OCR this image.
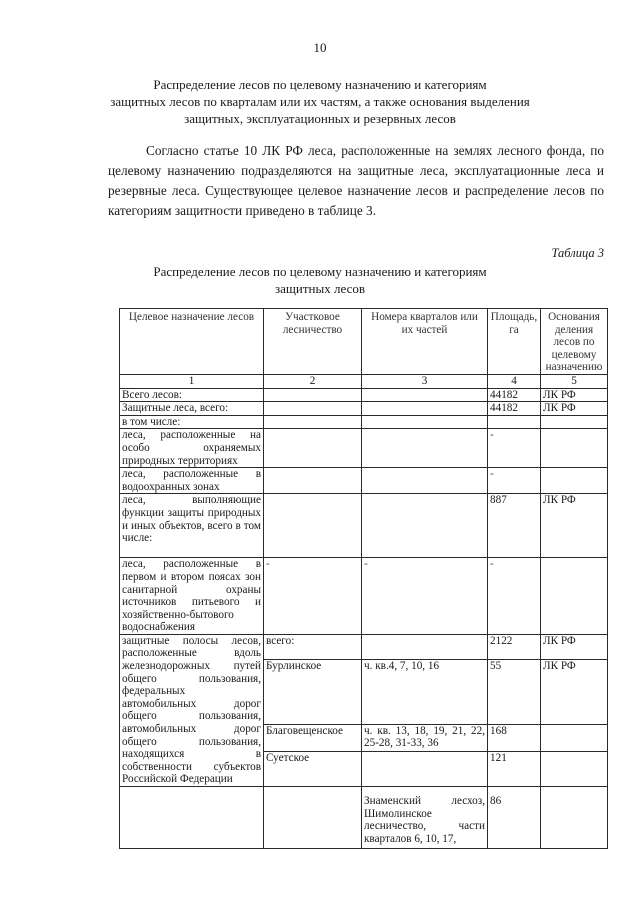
10
Распределение лесов по целевому назначению и категориям
защитных лесов по кварталам или их частям, а также основания выделения
защитных, эксплуатационных и резервных лесов

Согласно статье 10 ЛК РФ леса, расположенные на землях лесного фонда, по целевому назначению подразделяются на защитные леса, эксплуатационные леса и резервные леса. Существующее целевое назначение лесов и распределение лесов по категориям защитности приведено в таблице 3.

Таблица 3
Распределение лесов по целевому назначению и категориям
защитных лесов
Целевое назначение лесов	Участковое лесничество	Номера кварталов или их частей	Площадь, га	Основания деления лесов по целевому назначению
1	2	3	4	5
Всего лесов:			44182	ЛК РФ
Защитные леса, всего:			44182	ЛК РФ
в том числе:				
леса, расположенные на особо охраняемых природных территориях			-	
леса, расположенные в водоохранных зонах			-	
леса, выполняющие функции защиты природных и иных объектов, всего в том числе:			887	ЛК РФ
леса, расположенные в первом и втором поясах зон санитарной охраны источников питьевого и хозяйственно-бытового водоснабжения	-	-	-	
защитные полосы лесов, расположенные вдоль железнодорожных путей общего пользования, федеральных автомобильных дорог общего пользования, автомобильных дорог общего пользования, находящихся в собственности субъектов Российской Федерации	всего:		2122	ЛК РФ
	Бурлинское	ч. кв.4, 7, 10, 16	55	ЛК РФ
	Благовещенское	ч. кв. 13, 18, 19, 21, 22, 25-28, 31-33, 36	168	
	Суетское		121	
		Знаменский лесхоз, Шимолинское лесничество, части кварталов 6, 10, 17,	86	
